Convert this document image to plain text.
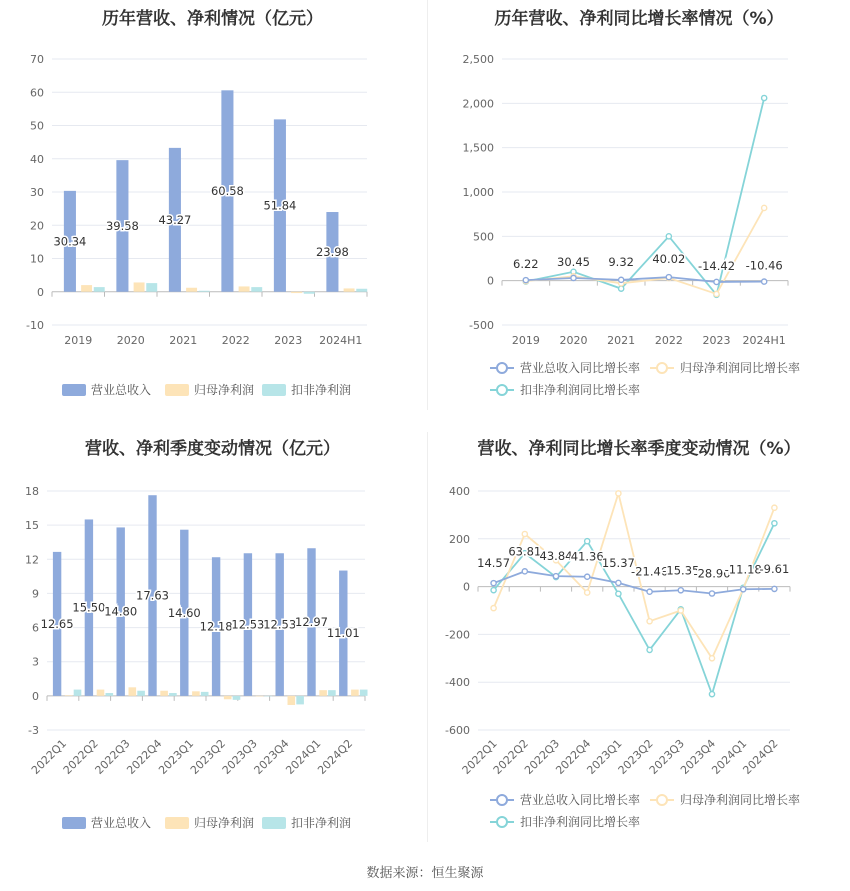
历年营收、净利情况（亿元）
-10
0
10
20
30
40
50
60
70
2019 2020 2021 2022 2023 2024H1
30.34
39.58 43.27
60.58
51.84
23.98
营业总收入	归母净利润	扣非净利润
历年营收、净利同比增长率情况（%）
-500
0
500
1,000
1,500
2,000
2,500
2019 2020 2021 2022 2023 2024H1
6.22 30.45 9.32 40.02 -14.42 -10.46
营业总收入同比增长率	归母净利润同比增长率
扣非净利润同比增长率
营收、净利季度变动情况（亿元）
-3
0
3
6
9
12
15
18
2022Q1
2022Q2
2022Q3
2022Q4
2023Q1
2023Q2
2023Q3
2023Q4
2024Q1
2024Q2
12.65
15.50
14.80
17.63
14.60
12.18
12.53
12.53
12.97
11.01
营业总收入	归母净利润	扣非净利润
营收、净利同比增长率季度变动情况（%）
-600
-400
-200
0
200
400
2022Q1
2022Q2
2022Q3
2022Q4
2023Q1
2023Q2
2023Q3
2023Q4
2024Q1
2024Q2
14.57
63.81
43.84
41.36
15.37
-21.46
-15.35
-28.90
-11.18
-9.61
营业总收入同比增长率	归母净利润同比增长率
扣非净利润同比增长率
数据来源：恒生聚源
